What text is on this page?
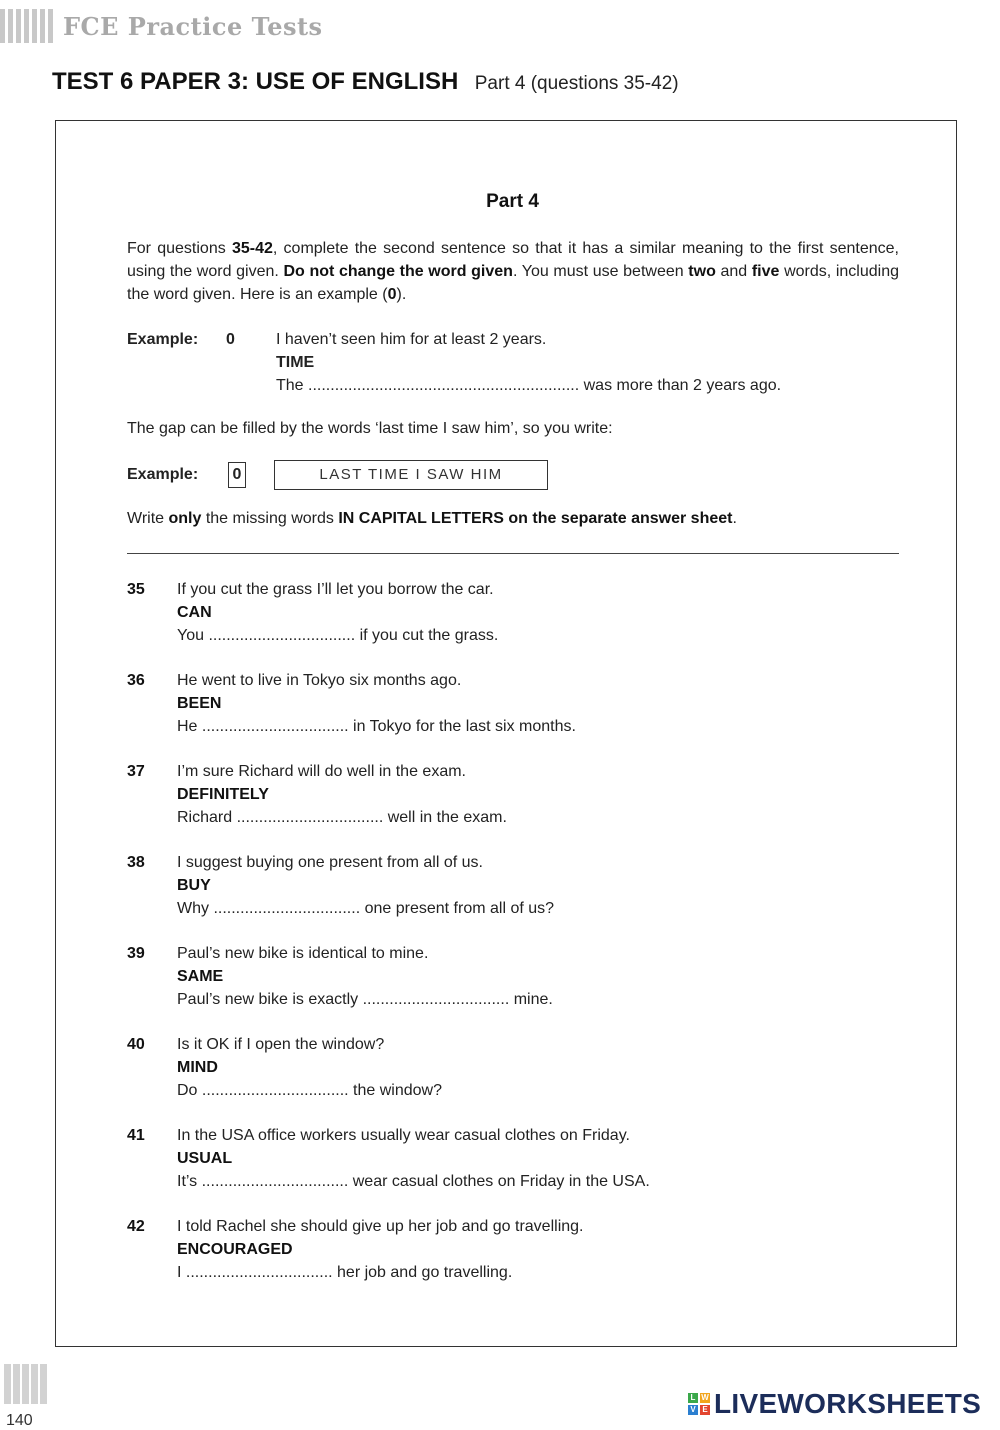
FCE Practice Tests
TEST 6 PAPER 3: USE OF ENGLISH Part 4 (questions 35-42)
Part 4
For questions 35-42, complete the second sentence so that it has a similar meaning to the first sentence, using the word given. Do not change the word given. You must use between two and five words, including the word given. Here is an example (0).
Example: 0	I haven’t seen him for at least 2 years.
TIME
The ............................................................. was more than 2 years ago.
The gap can be filled by the words ‘last time I saw him’, so you write:
Example: 0	LAST TIME I SAW HIM
Write only the missing words IN CAPITAL LETTERS on the separate answer sheet.
35 If you cut the grass I’ll let you borrow the car.
CAN
You ................................. if you cut the grass.
36 He went to live in Tokyo six months ago.
BEEN
He ................................. in Tokyo for the last six months.
37 I’m sure Richard will do well in the exam.
DEFINITELY
Richard ................................. well in the exam.
38 I suggest buying one present from all of us.
BUY
Why ................................. one present from all of us?
39 Paul’s new bike is identical to mine.
SAME
Paul’s new bike is exactly ................................. mine.
40 Is it OK if I open the window?
MIND
Do ................................. the window?
41 In the USA office workers usually wear casual clothes on Friday.
USUAL
It’s ................................. wear casual clothes on Friday in the USA.
42 I told Rachel she should give up her job and go travelling.
ENCOURAGED
I ................................. her job and go travelling.
140
L W
V E LIVEWORKSHEETS
